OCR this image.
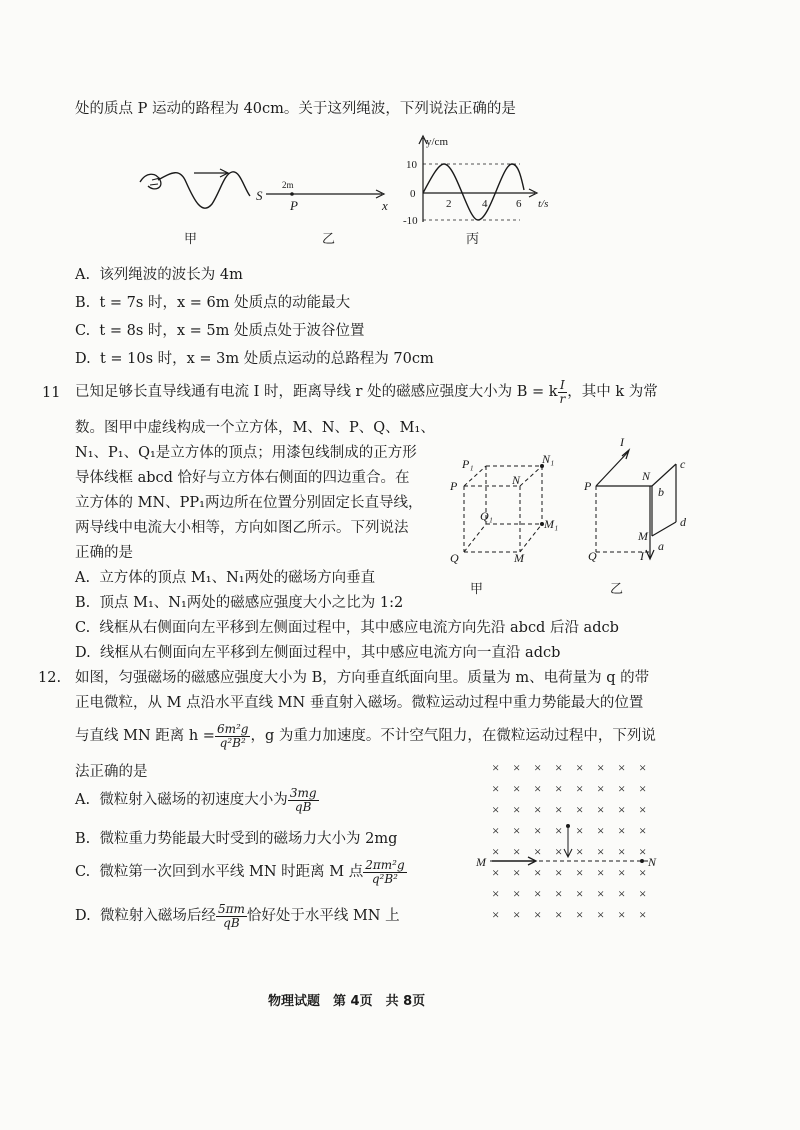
处的质点 P 运动的路程为 40cm。关于这列绳波，下列说法正确的是
甲
S
2m
P	x
乙
y/cm
10
0
-10
2	4	6 t/s
丙
A. 该列绳波的波长为 4m
B. t = 7s 时，x = 6m 处质点的动能最大
C. t = 8s 时，x = 5m 处质点处于波谷位置
D. t = 10s 时，x = 3m 处质点运动的总路程为 70cm
11 已知足够长直导线通有电流 I 时，距离导线 r 处的磁感应强度大小为 B = k $\frac{I}{r}$ ，其中 k 为常
数。图甲中虚线构成一个立方体，M、N、P、Q、M₁、
N₁、P₁、Q₁是立方体的顶点；用漆包线制成的正方形
导体线框 abcd 恰好与立方体右侧面的四边重合。在
立方体的 MN、PP₁两边所在位置分别固定长直导线，
两导线中电流大小相等，方向如图乙所示。下列说法
正确的是
A. 立方体的顶点 M₁、N₁两处的磁场方向垂直
B. 顶点 M₁、N₁两处的磁感应强度大小之比为 1:2
C. 线框从右侧面向左平移到左侧面过程中，其中感应电流方向先沿 abcd 后沿 adcb
D. 线框从右侧面向左平移到左侧面过程中，其中感应电流方向一直沿 adcb
P₁	N₁
P	N
Q₁
M₁
Q	M
甲
I
P
N
c
b
d
M
a
Q	I
乙
12. 如图，匀强磁场的磁感应强度大小为 B，方向垂直纸面向里。质量为 m、电荷量为 q 的带
正电微粒，从 M 点沿水平直线 MN 垂直射入磁场。微粒运动过程中重力势能最大的位置
与直线 MN 距离 $h = \frac{\text{6m²g}}{\text{q²B²}}$ ，g 为重力加速度。不计空气阻力，在微粒运动过程中，下列说
法正确的是
A. 微粒射入磁场的初速度大小为 $\frac{3mg}{qB}$
B. 微粒重力势能最大时受到的磁场力大小为 2mg
C. 微粒第一次回到水平线 MN 时距离 M 点 $\frac{\text{2πm²g}}{\text{q²B²}}$
D. 微粒射入磁场后经 $\frac{5\pi m}{qB}$ 恰好处于水平线 MN 上
× × × × × × × ×
× × × × × × × ×
× × × × × × × ×
× × × × × × × ×
× × × × × × × ×
× × × × × × × ×
× × × × × × × ×
× × × × × × × ×
M	N
物理试题　第 4页　共 8页
